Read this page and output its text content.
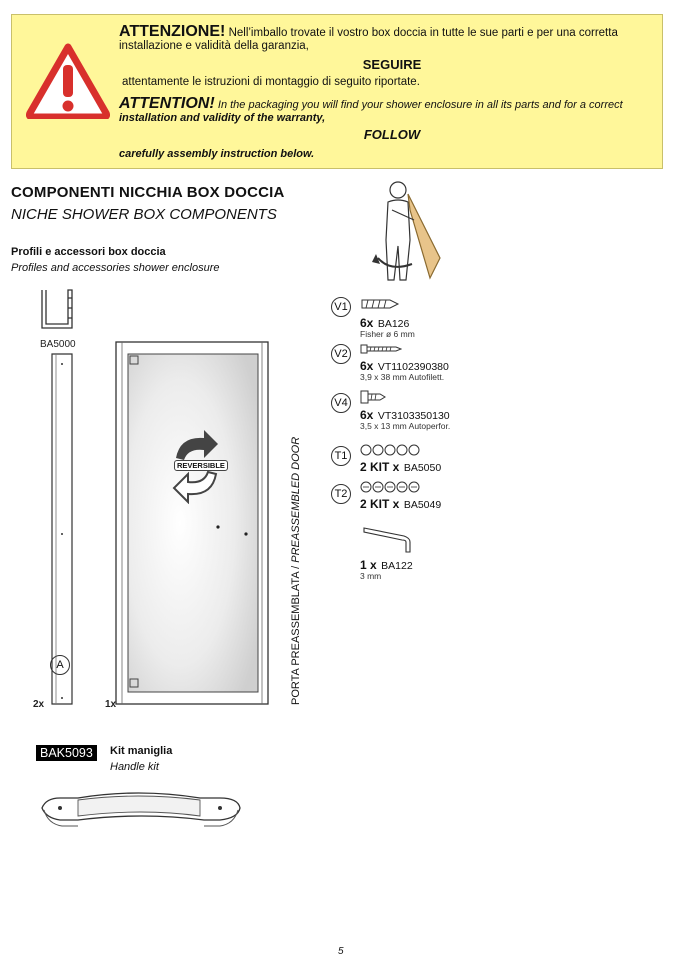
ATTENZIONE! Nell’imballo trovate il vostro box doccia in tutte le sue parti e per una corretta
installazione e validità della garanzia,
SEGUIRE
attentamente le istruzioni di montaggio di seguito riportate.
ATTENTION! In the packaging you will find your shower enclosure in all its parts and for a correct
installation and validity of the warranty,
FOLLOW
carefully assembly instruction below.
COMPONENTI NICCHIA BOX DOCCIA
NICHE SHOWER BOX COMPONENTS
Profili e accessori box doccia
Profiles and accessories shower enclosure
BA5000
A
2x
REVERSIBLE
1x	PORTA PREASSEMBLATA / PREASSEMBLED DOOR
V1
6x BA126
Fisher ø 6 mm
V2
6x VT1102390380
3,9 x 38 mm Autofilett.
V4
6x VT3103350130
3,5 x 13 mm Autoperfor.
T1
2 KIT x BA5050
T2
2 KIT x BA5049
1 x BA122
3 mm
BAK5093	Kit maniglia
Handle kit
5
